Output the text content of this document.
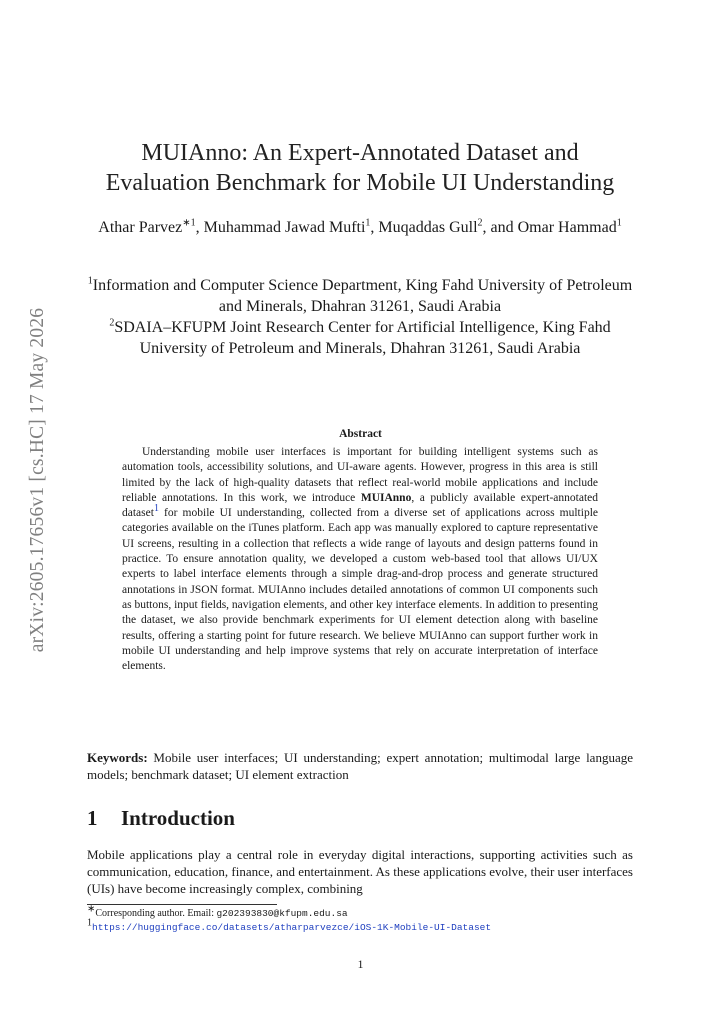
arXiv:2605.17656v1 [cs.HC] 17 May 2026
MUIAnno: An Expert-Annotated Dataset and
Evaluation Benchmark for Mobile UI Understanding
Athar Parvez$^{∗1}$, Muhammad Jawad Mufti$^1$, Muqaddas Gull$^2$, and Omar Hammad$^1$
$^1$Information and Computer Science Department, King Fahd University of Petroleum and Minerals, Dhahran 31261, Saudi Arabia
$^2$SDAIA–KFUPM Joint Research Center for Artificial Intelligence, King Fahd University of Petroleum and Minerals, Dhahran 31261, Saudi Arabia
Abstract

Understanding mobile user interfaces is important for building intelligent systems such as automation tools, accessibility solutions, and UI-aware agents. However, progress in this area is still limited by the lack of high-quality datasets that reflect real-world mobile applications and include reliable annotations. In this work, we introduce MUIAnno, a publicly available expert-annotated dataset$^1$ for mobile UI understanding, collected from a diverse set of applications across multiple categories available on the iTunes platform. Each app was manually explored to capture representative UI screens, resulting in a collection that reflects a wide range of layouts and design patterns found in practice. To ensure annotation quality, we developed a custom web-based tool that allows UI/UX experts to label interface elements through a simple drag-and-drop process and generate structured annotations in JSON format. MUIAnno includes detailed annotations of common UI components such as buttons, input fields, navigation elements, and other key interface elements. In addition to presenting the dataset, we also provide benchmark experiments for UI element detection along with baseline results, offering a starting point for future research. We believe MUIAnno can support further work in mobile UI understanding and help improve systems that rely on accurate interpretation of interface elements.

Keywords: Mobile user interfaces; UI understanding; expert annotation; multimodal large language models; benchmark dataset; UI element extraction

1 Introduction

Mobile applications play a central role in everyday digital interactions, supporting activities such as communication, education, finance, and entertainment. As these applications evolve, their user interfaces (UIs) have become increasingly complex, combining

∗Corresponding author. Email: g202393830@kfupm.edu.sa
$^1$https://huggingface.co/datasets/atharparvezce/iOS-1K-Mobile-UI-Dataset
1
